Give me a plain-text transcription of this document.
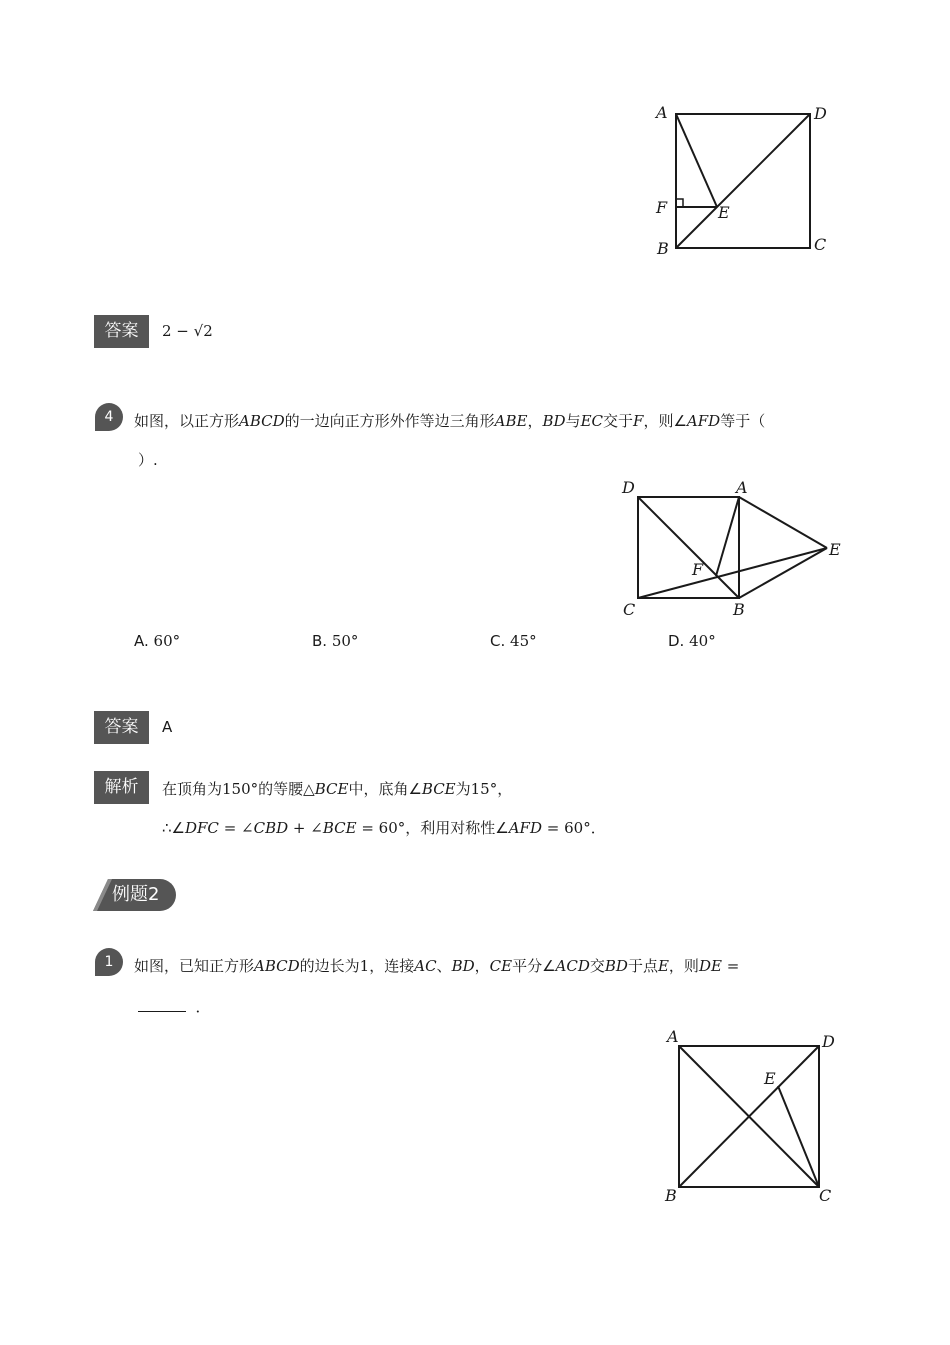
A	D
F	E
B	C
答案	2 − √2
4	如图，以正方形ABCD的一边向正方形外作等边三角形ABE，BD与EC交于F，则∠AFD等于（
）.
D	A
E
F
C	B
A. 60°	B. 50°	C. 45°	D. 40°
答案	A
解析	在顶角为150°的等腰△BCE中，底角∠BCE为15°，
∴∠DFC = ∠CBD + ∠BCE = 60°，利用对称性∠AFD = 60°．
例题2
1	如图，已知正方形ABCD的边长为1，连接AC、BD，CE平分∠ACD交BD于点E，则DE =
．
A	D
E
B	C
